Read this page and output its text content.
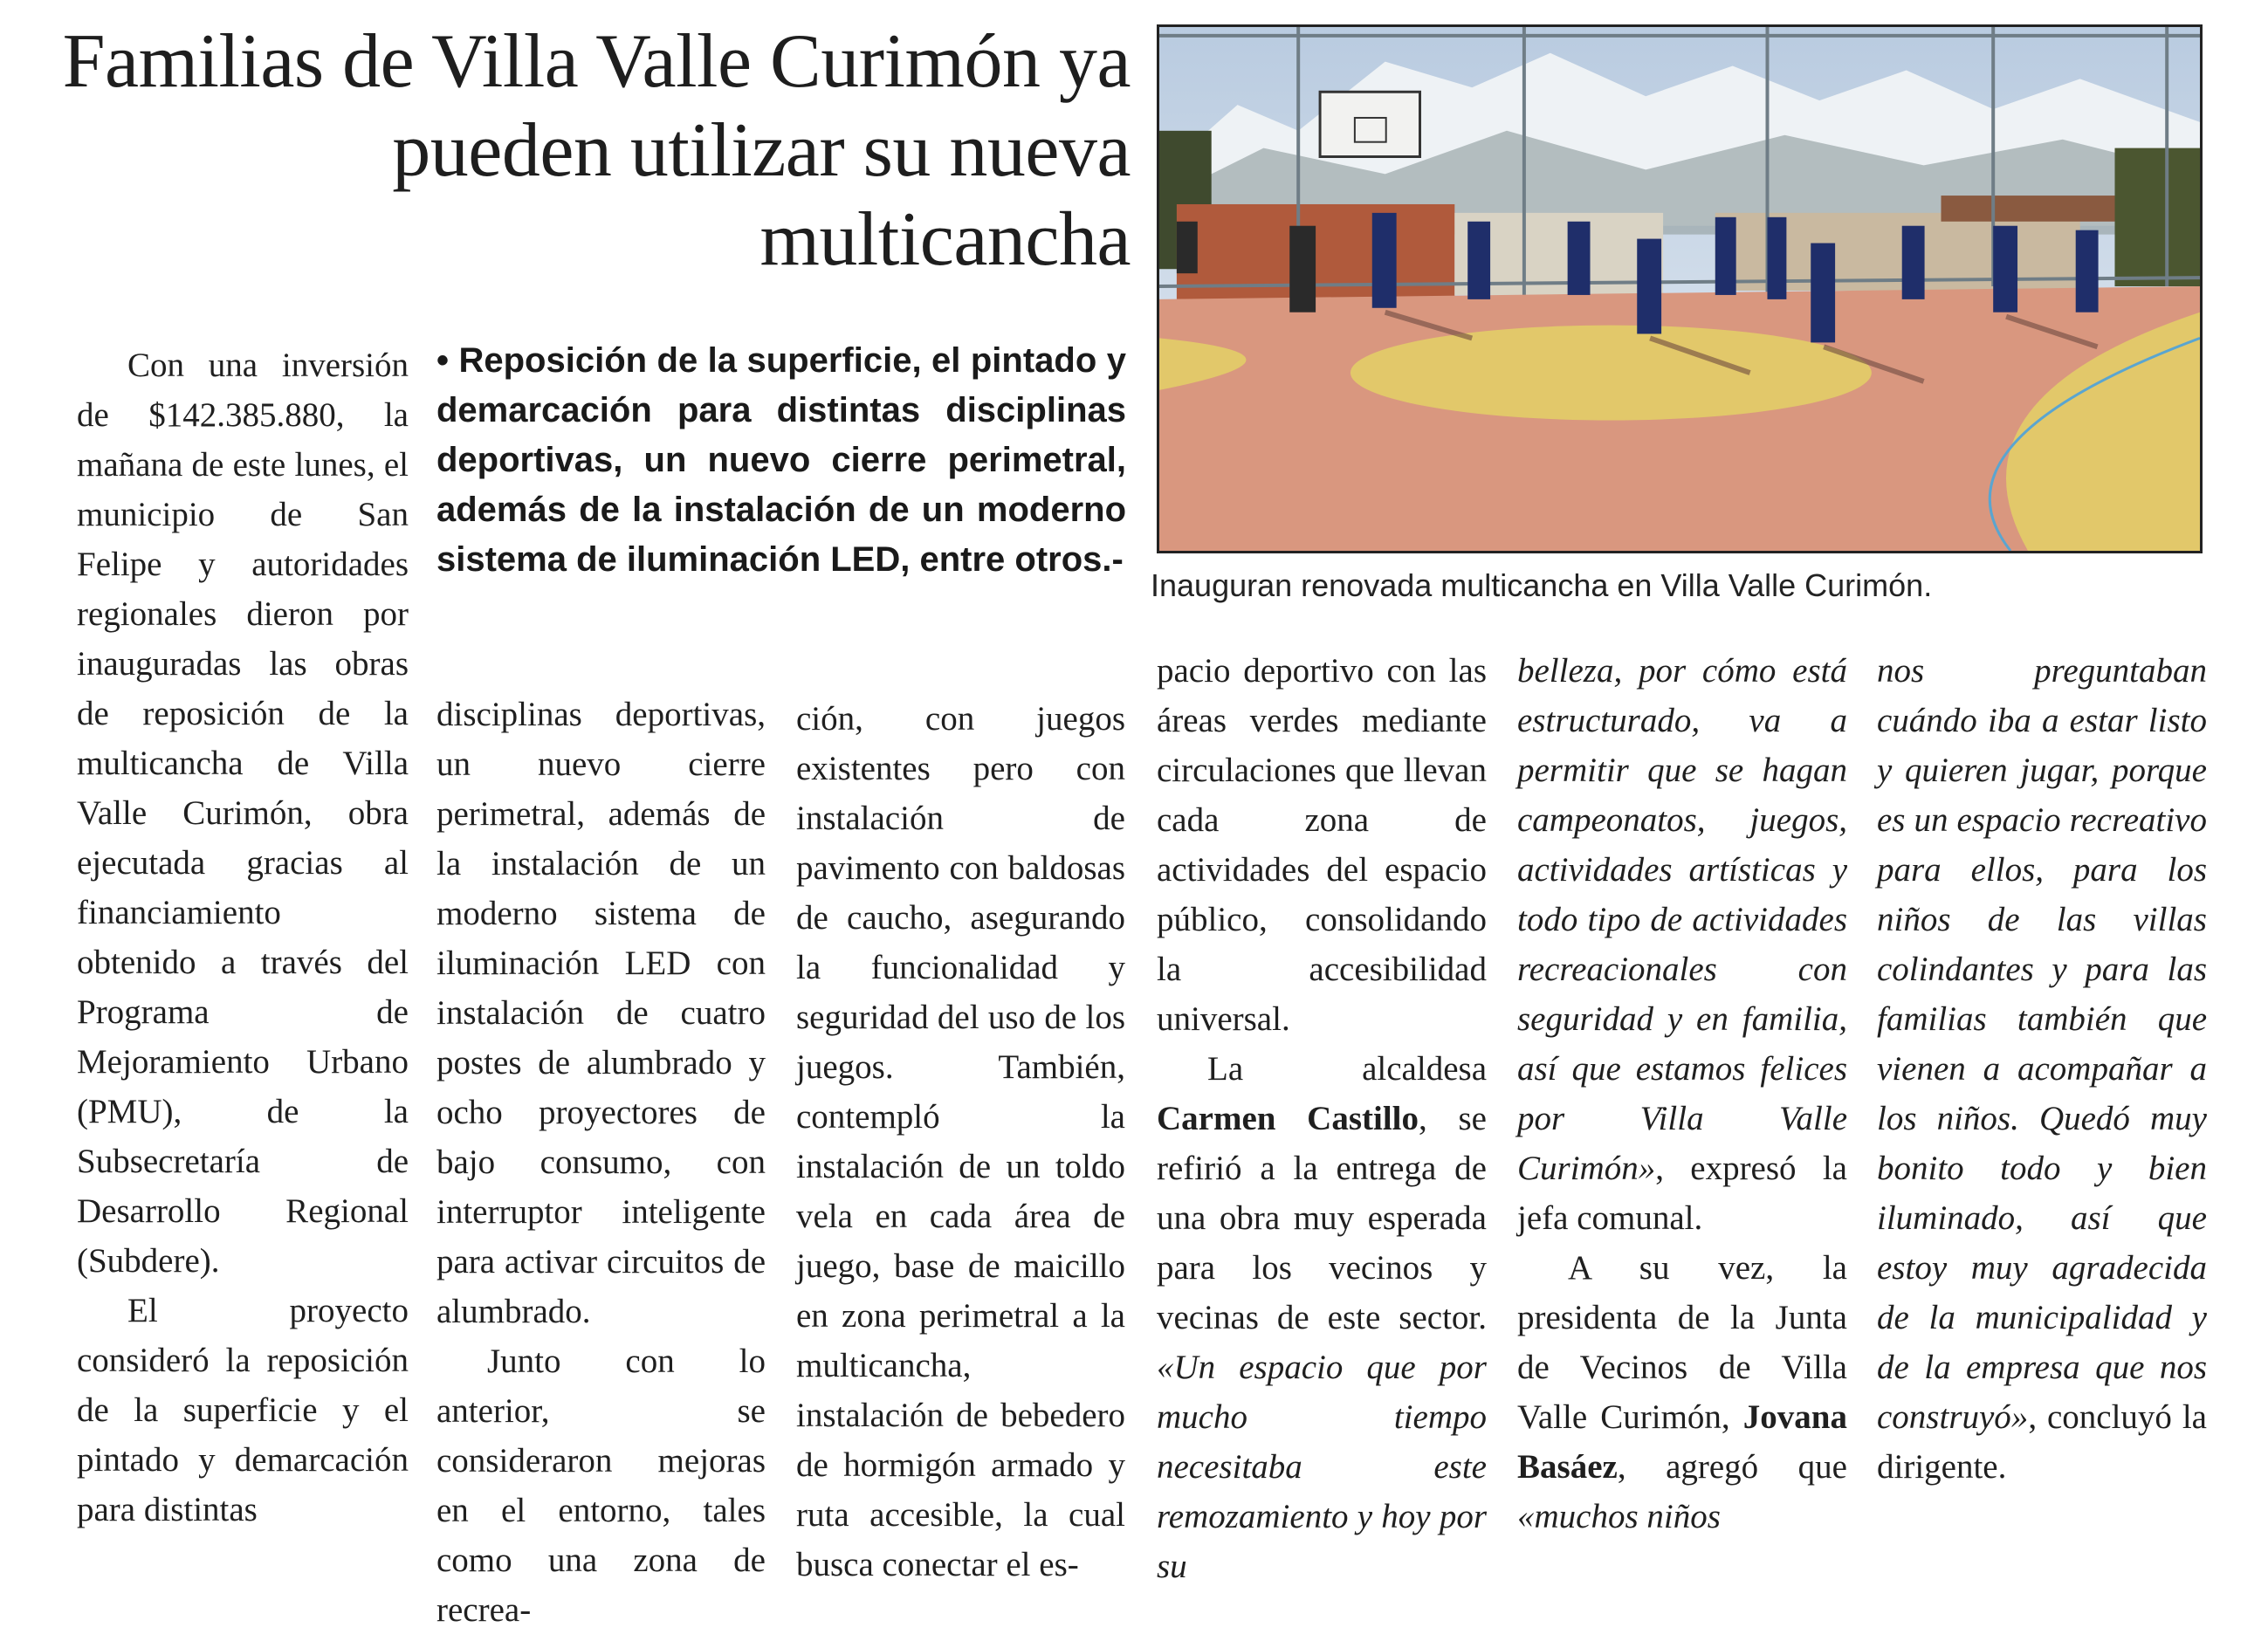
Familias de Villa Valle Curimón ya pueden utilizar su nueva multicancha
Inauguran renovada multicancha en Villa Valle Curimón.
• Reposición de la superficie, el pintado y demarcación para distintas disciplinas deportivas, un nuevo cierre perimetral, además de la instalación de un moderno sistema de iluminación LED, entre otros.-

Con una inversión de $142.385.880, la mañana de este lunes, el municipio de San Felipe y autoridades regionales dieron por inauguradas las obras de reposición de la multicancha de Villa Valle Curimón, obra ejecutada gracias al financiamiento obtenido a través del Programa de Mejoramiento Urbano (PMU), de la Subsecretaría de Desarrollo Regional (Subdere).

El proyecto consideró la reposición de la superficie y el pintado y demarcación para distintas

disciplinas deportivas, un nuevo cierre perimetral, además de la instalación de un moderno sistema de iluminación LED con instalación de cuatro postes de alumbrado y ocho proyectores de bajo consumo, con interruptor inteligente para activar circuitos de alumbrado.

Junto con lo anterior, se consideraron mejoras en el entorno, tales como una zona de recrea-

ción, con juegos existentes pero con instalación de pavimento con baldosas de caucho, asegurando la funcionalidad y seguridad del uso de los juegos. También, contempló la instalación de un toldo vela en cada área de juego, base de maicillo en zona perimetral a la multicancha, instalación de bebedero de hormigón armado y ruta accesible, la cual busca conectar el es-

pacio deportivo con las áreas verdes mediante circulaciones que llevan cada zona de actividades del espacio público, consolidando la accesibilidad universal.

La alcaldesa Carmen Castillo, se refirió a la entrega de una obra muy esperada para los vecinos y vecinas de este sector. «Un espacio que por mucho tiempo necesitaba este remozamiento y hoy por su

belleza, por cómo está estructurado, va a permitir que se hagan campeonatos, juegos, actividades artísticas y todo tipo de actividades recreacionales con seguridad y en familia, así que estamos felices por Villa Valle Curimón», expresó la jefa comunal.

A su vez, la presidenta de la Junta de Vecinos de Villa Valle Curimón, Jovana Basáez, agregó que «muchos niños

nos preguntaban cuándo iba a estar listo y quieren jugar, porque es un espacio recreativo para ellos, para los niños de las villas colindantes y para las familias también que vienen a acompañar a los niños. Quedó muy bonito todo y bien iluminado, así que estoy muy agradecida de la municipalidad y de la empresa que nos construyó», concluyó la dirigente.
